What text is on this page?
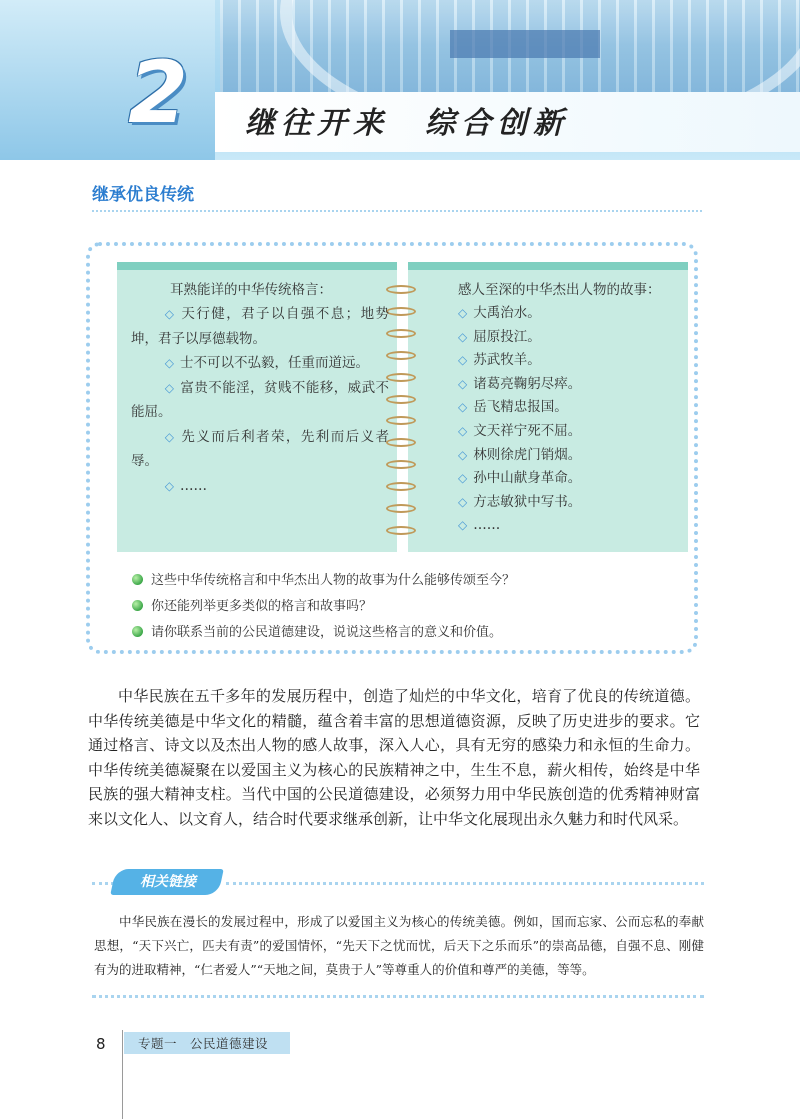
2	继往开来　综合创新
继承优良传统
耳熟能详的中华传统格言：
◇ 天行健，君子以自强不息；地势坤，君子以厚德载物。
◇ 士不可以不弘毅，任重而道远。
◇ 富贵不能淫，贫贱不能移，威武不能屈。
◇ 先义而后利者荣，先利而后义者辱。
◇ ……
感人至深的中华杰出人物的故事：
◇ 大禹治水。
◇ 屈原投江。
◇ 苏武牧羊。
◇ 诸葛亮鞠躬尽瘁。
◇ 岳飞精忠报国。
◇ 文天祥宁死不屈。
◇ 林则徐虎门销烟。
◇ 孙中山献身革命。
◇ 方志敏狱中写书。
◇ ……
这些中华传统格言和中华杰出人物的故事为什么能够传颂至今？
你还能列举更多类似的格言和故事吗？
请你联系当前的公民道德建设，说说这些格言的意义和价值。

中华民族在五千多年的发展历程中，创造了灿烂的中华文化，培育了优良的传统道德。中华传统美德是中华文化的精髓，蕴含着丰富的思想道德资源，反映了历史进步的要求。它通过格言、诗文以及杰出人物的感人故事，深入人心，具有无穷的感染力和永恒的生命力。中华传统美德凝聚在以爱国主义为核心的民族精神之中，生生不息，薪火相传，始终是中华民族的强大精神支柱。当代中国的公民道德建设，必须努力用中华民族创造的优秀精神财富来以文化人、以文育人，结合时代要求继承创新，让中华文化展现出永久魅力和时代风采。

相关链接

中华民族在漫长的发展过程中，形成了以爱国主义为核心的传统美德。例如，国而忘家、公而忘私的奉献思想，“天下兴亡，匹夫有责”的爱国情怀，“先天下之忧而忧，后天下之乐而乐”的崇高品德，自强不息、刚健有为的进取精神，“仁者爱人”“天地之间，莫贵于人”等尊重人的价值和尊严的美德，等等。

8	专题一　公民道德建设
